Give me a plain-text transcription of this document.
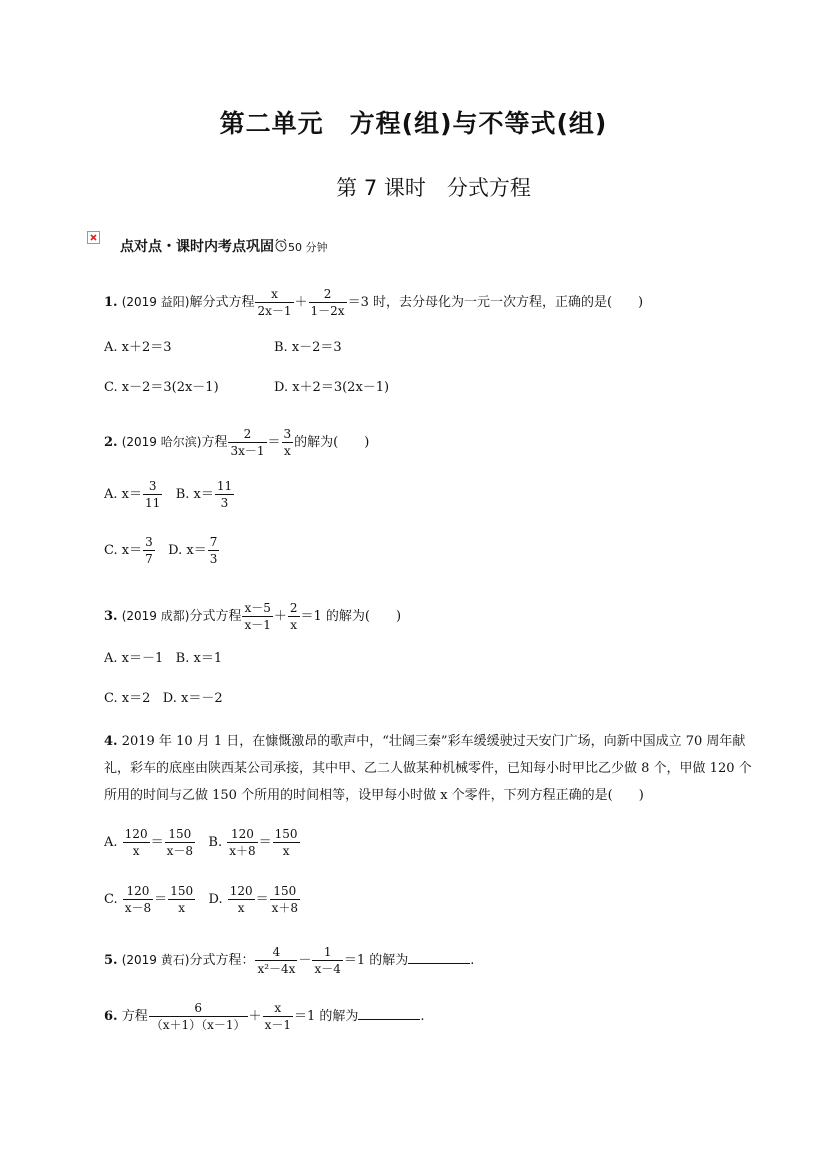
第二单元　方程(组)与不等式(组)
第 7 课时　分式方程
点对点・课时内考点巩固 50 分钟
1. (2019 益阳)解分式方程 $\frac{x}{2x-1} + \frac{2}{1-2x} =3$ 时，去分母化为一元一次方程，正确的是(　　)
A. x＋2＝3	B. x－2＝3
C. x－2＝3(2x－1)	D. x＋2＝3(2x－1)
2. (2019 哈尔滨)方程 $\frac{2}{3x-1} = \frac{3}{x}$ 的解为(　　)
A. $x= \frac{3}{11} B$. $x= \frac{11}{3}$
C. $x= \frac{3}{7} D$. $x= \frac{7}{3}$
3. (2019 成都)分式方程 $\frac{x-5}{x-1} + \frac{2}{x} =1$ 的解为(　　)
A. x＝－1 B. x＝1
C. x＝2 D. x＝－2
4. 2019 年 10 月 1 日，在慷慨激昂的歌声中，“壮阔三秦”彩车缓缓驶过天安门广场，向新中国成立 70 周年献礼，彩车的底座由陕西某公司承接，其中甲、乙二人做某种机械零件，已知每小时甲比乙少做 8 个，甲做 120 个所用的时间与乙做 150 个所用的时间相等，设甲每小时做 x 个零件，下列方程正确的是(　　)
A. $\frac{120}{x} = \frac{150}{x-8} B$. $\frac{120}{x+8} = \frac{150}{x}$
C. $\frac{120}{x-8} = \frac{150}{x} D$. $\frac{120}{x} = \frac{150}{x+8}$
5. (2019 黄石)分式方程： $\frac{4}{\text{x²－4x}} - \frac{1}{x-4} =1$ 的解为	.
6. 方程 $\frac{6}{(x+1)(x-1)} + \frac{x}{x-1} =1$ 的解为	.
